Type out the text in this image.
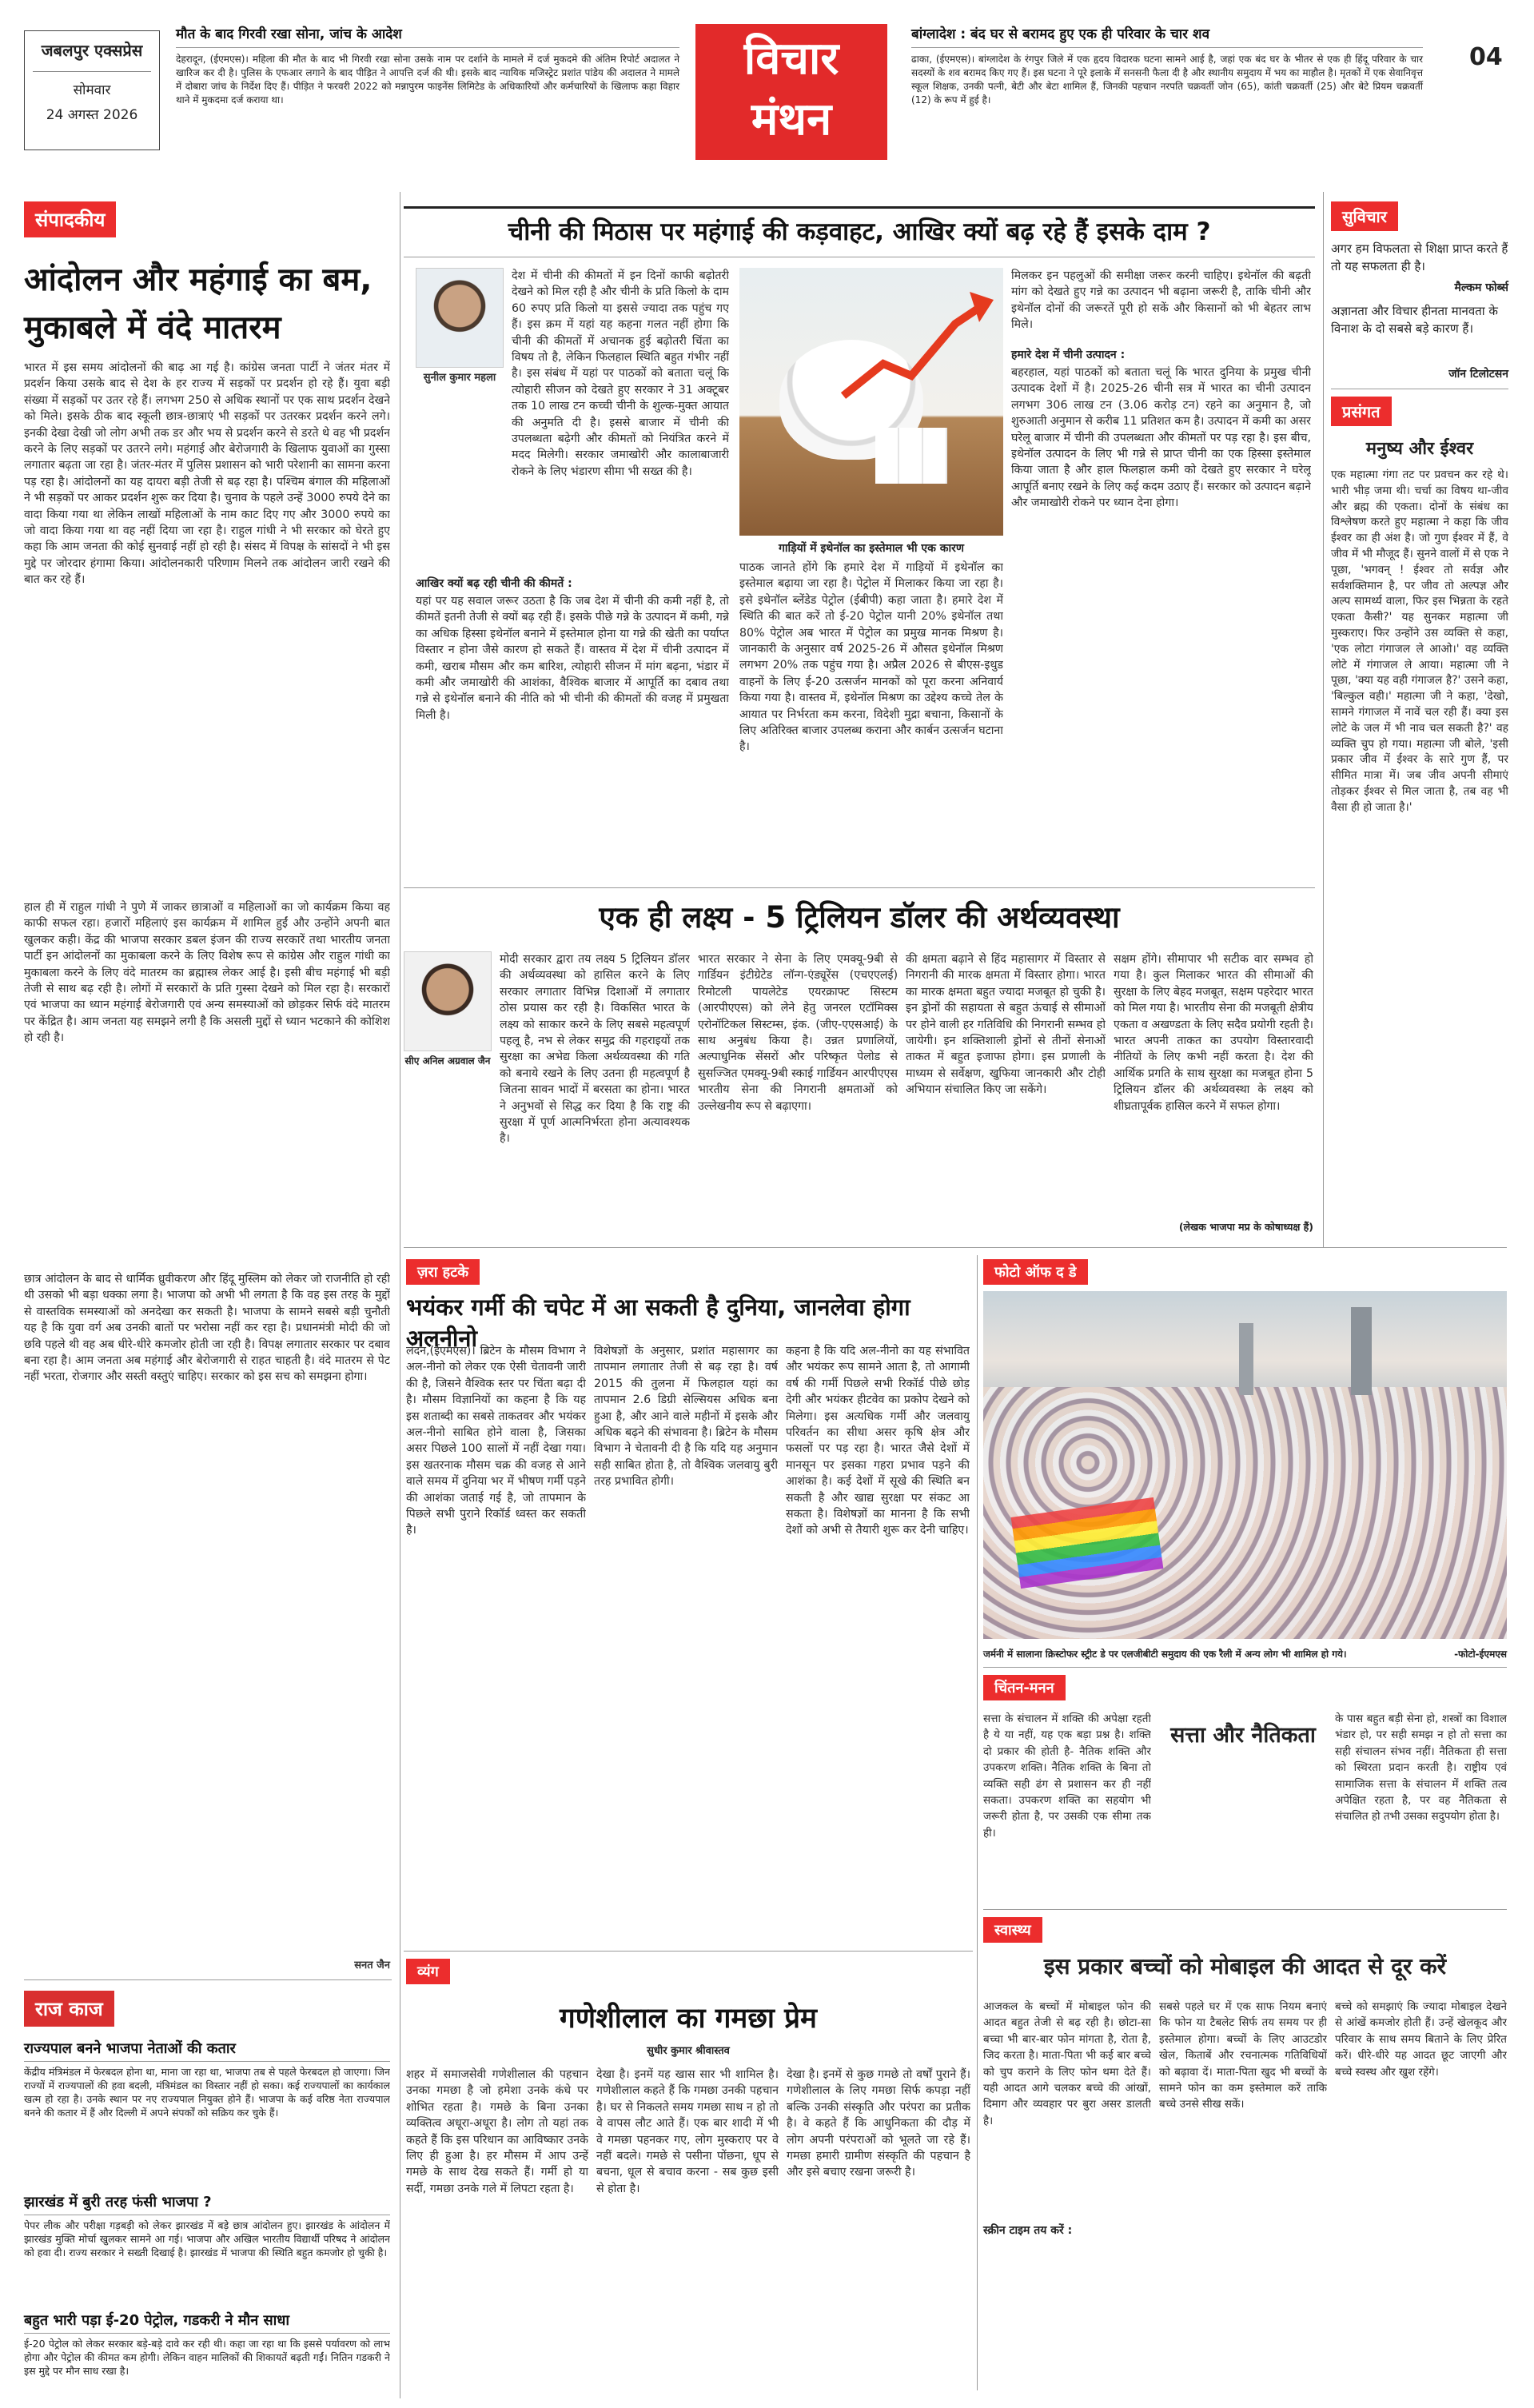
जबलपुर एक्सप्रेस
सोमवार
24 अगस्त 2026
मौत के बाद गिरवी रखा सोना, जांच के आदेश
देहरादून, (ईएमएस)। महिला की मौत के बाद भी गिरवी रखा सोना उसके नाम पर दर्शाने के मामले में दर्ज मुकदमे की अंतिम रिपोर्ट अदालत ने खारिज कर दी है। पुलिस के एफआर लगाने के बाद पीड़ित ने आपत्ति दर्ज की थी। इसके बाद न्यायिक मजिस्ट्रेट प्रशांत पांडेय की अदालत ने मामले में दोबारा जांच के निर्देश दिए हैं। पीड़ित ने फरवरी 2022 को मन्नापुरम फाइनेंस लिमिटेड के अधिकारियों और कर्मचारियों के खिलाफ कहा विहार थाने में मुकदमा दर्ज कराया था।
विचार
मंथन
बांग्लादेश : बंद घर से बरामद हुए एक ही परिवार के चार शव
ढाका, (ईएमएस)। बांग्लादेश के रंगपुर जिले में एक हृदय विदारक घटना सामने आई है, जहां एक बंद घर के भीतर से एक ही हिंदू परिवार के चार सदस्यों के शव बरामद किए गए हैं। इस घटना ने पूरे इलाके में सनसनी फैला दी है और स्थानीय समुदाय में भय का माहौल है। मृतकों में एक सेवानिवृत्त स्कूल शिक्षक, उनकी पत्नी, बेटी और बेटा शामिल हैं, जिनकी पहचान नरपति चक्रवर्ती जोन (65), कांती चक्रवर्ती (25) और बेटे प्रियम चक्रवर्ती (12) के रूप में हुई है।
04
संपादकीय
आंदोलन और महंगाई का बम, मुकाबले में वंदे मातरम
भारत में इस समय आंदोलनों की बाढ़ आ गई है। कांग्रेस जनता पार्टी ने जंतर मंतर में प्रदर्शन किया उसके बाद से देश के हर राज्य में सड़कों पर प्रदर्शन हो रहे हैं। युवा बड़ी संख्या में सड़कों पर उतर रहे हैं। लगभग 250 से अधिक स्थानों पर एक साथ प्रदर्शन देखने को मिले। इसके ठीक बाद स्कूली छात्र-छात्राएं भी सड़कों पर उतरकर प्रदर्शन करने लगे। इनकी देखा देखी जो लोग अभी तक डर और भय से प्रदर्शन करने से डरते थे वह भी प्रदर्शन करने के लिए सड़कों पर उतरने लगे। महंगाई और बेरोजगारी के खिलाफ युवाओं का गुस्सा लगातार बढ़ता जा रहा है। जंतर-मंतर में पुलिस प्रशासन को भारी परेशानी का सामना करना पड़ रहा है। आंदोलनों का यह दायरा बड़ी तेजी से बढ़ रहा है। पश्चिम बंगाल की महिलाओं ने भी सड़कों पर आकर प्रदर्शन शुरू कर दिया है। चुनाव के पहले उन्हें 3000 रुपये देने का वादा किया गया था लेकिन लाखों महिलाओं के नाम काट दिए गए और 3000 रुपये का जो वादा किया गया था वह नहीं दिया जा रहा है। राहुल गांधी ने भी सरकार को घेरते हुए कहा कि आम जनता की कोई सुनवाई नहीं हो रही है। संसद में विपक्ष के सांसदों ने भी इस मुद्दे पर जोरदार हंगामा किया। आंदोलनकारी परिणाम मिलने तक आंदोलन जारी रखने की बात कर रहे हैं।
हाल ही में राहुल गांधी ने पुणे में जाकर छात्राओं व महिलाओं का जो कार्यक्रम किया वह काफी सफल रहा। हजारों महिलाएं इस कार्यक्रम में शामिल हुईं और उन्होंने अपनी बात खुलकर कही। केंद्र की भाजपा सरकार डबल इंजन की राज्य सरकारें तथा भारतीय जनता पार्टी इन आंदोलनों का मुकाबला करने के लिए विशेष रूप से कांग्रेस और राहुल गांधी का मुकाबला करने के लिए वंदे मातरम का ब्रह्मास्त्र लेकर आई है। इसी बीच महंगाई भी बड़ी तेजी से साथ बढ़ रही है। लोगों में सरकारों के प्रति गुस्सा देखने को मिल रहा है। सरकारों एवं भाजपा का ध्यान महंगाई बेरोजगारी एवं अन्य समस्याओं को छोड़कर सिर्फ वंदे मातरम पर केंद्रित है। आम जनता यह समझने लगी है कि असली मुद्दों से ध्यान भटकाने की कोशिश हो रही है।
छात्र आंदोलन के बाद से धार्मिक ध्रुवीकरण और हिंदू मुस्लिम को लेकर जो राजनीति हो रही थी उसको भी बड़ा धक्का लगा है। भाजपा को अभी भी लगता है कि वह इस तरह के मुद्दों से वास्तविक समस्याओं को अनदेखा कर सकती है। भाजपा के सामने सबसे बड़ी चुनौती यह है कि युवा वर्ग अब उनकी बातों पर भरोसा नहीं कर रहा है। प्रधानमंत्री मोदी की जो छवि पहले थी वह अब धीरे-धीरे कमजोर होती जा रही है। विपक्ष लगातार सरकार पर दबाव बना रहा है। आम जनता अब महंगाई और बेरोजगारी से राहत चाहती है। वंदे मातरम से पेट नहीं भरता, रोजगार और सस्ती वस्तुएं चाहिए। सरकार को इस सच को समझना होगा।
सनत जैन
राज काज
राज्यपाल बनने भाजपा नेताओं की कतार
केंद्रीय मंत्रिमंडल में फेरबदल होना था, माना जा रहा था, भाजपा तब से पहले फेरबदल हो जाएगा। जिन राज्यों में राज्यपालों की हवा बदली, मंत्रिमंडल का विस्तार नहीं हो सका। कई राज्यपालों का कार्यकाल खत्म हो रहा है। उनके स्थान पर नए राज्यपाल नियुक्त होने हैं। भाजपा के कई वरिष्ठ नेता राज्यपाल बनने की कतार में हैं और दिल्ली में अपने संपर्कों को सक्रिय कर चुके हैं।
झारखंड में बुरी तरह फंसी भाजपा ?
पेपर लीक और परीक्षा गड़बड़ी को लेकर झारखंड में बड़े छात्र आंदोलन हुए। झारखंड के आंदोलन में झारखंड मुक्ति मोर्चा खुलकर सामने आ गई। भाजपा और अखिल भारतीय विद्यार्थी परिषद ने आंदोलन को हवा दी। राज्य सरकार ने सख्ती दिखाई है। झारखंड में भाजपा की स्थिति बहुत कमजोर हो चुकी है।
बहुत भारी पड़ा ई-20 पेट्रोल, गडकरी ने मौन साधा
ई-20 पेट्रोल को लेकर सरकार बड़े-बड़े दावे कर रही थी। कहा जा रहा था कि इससे पर्यावरण को लाभ होगा और पेट्रोल की कीमत कम होगी। लेकिन वाहन मालिकों की शिकायतें बढ़ती गईं। नितिन गडकरी ने इस मुद्दे पर मौन साध रखा है।
चीनी की मिठास पर महंगाई की कड़वाहट, आखिर क्यों बढ़ रहे हैं इसके दाम ?
सुनील कुमार महला
देश में चीनी की कीमतों में इन दिनों काफी बढ़ोतरी देखने को मिल रही है और चीनी के प्रति किलो के दाम 60 रुपए प्रति किलो या इससे ज्यादा तक पहुंच गए हैं। इस क्रम में यहां यह कहना गलत नहीं होगा कि चीनी की कीमतों में अचानक हुई बढ़ोतरी चिंता का विषय तो है, लेकिन फिलहाल स्थिति बहुत गंभीर नहीं है। इस संबंध में यहां पर पाठकों को बताता चलूं कि त्योहारी सीजन को देखते हुए सरकार ने 31 अक्टूबर तक 10 लाख टन कच्ची चीनी के शुल्क-मुक्त आयात की अनुमति दी है। इससे बाजार में चीनी की उपलब्धता बढ़ेगी और कीमतों को नियंत्रित करने में मदद मिलेगी। सरकार जमाखोरी और कालाबाजारी रोकने के लिए भंडारण सीमा भी सख्त की है।
आखिर क्यों बढ़ रही चीनी की कीमतें :
यहां पर यह सवाल जरूर उठता है कि जब देश में चीनी की कमी नहीं है, तो कीमतें इतनी तेजी से क्यों बढ़ रही हैं। इसके पीछे गन्ने के उत्पादन में कमी, गन्ने का अधिक हिस्सा इथेनॉल बनाने में इस्तेमाल होना या गन्ने की खेती का पर्याप्त विस्तार न होना जैसे कारण हो सकते हैं। वास्तव में देश में चीनी उत्पादन में कमी, खराब मौसम और कम बारिश, त्योहारी सीजन में मांग बढ़ना, भंडार में कमी और जमाखोरी की आशंका, वैश्विक बाजार में आपूर्ति का दबाव तथा गन्ने से इथेनॉल बनाने की नीति को भी चीनी की कीमतों की वजह में प्रमुखता मिली है।
गाड़ियों में इथेनॉल का इस्तेमाल भी एक कारण
पाठक जानते होंगे कि हमारे देश में गाड़ियों में इथेनॉल का इस्तेमाल बढ़ाया जा रहा है। पेट्रोल में मिलाकर किया जा रहा है। इसे इथेनॉल ब्लेंडेड पेट्रोल (ईबीपी) कहा जाता है। हमारे देश में स्थिति की बात करें तो ई-20 पेट्रोल यानी 20% इथेनॉल तथा 80% पेट्रोल अब भारत में पेट्रोल का प्रमुख मानक मिश्रण है। जानकारी के अनुसार वर्ष 2025-26 में औसत इथेनॉल मिश्रण लगभग 20% तक पहुंच गया है। अप्रैल 2026 से बीएस-इथुड वाहनों के लिए ई-20 उत्सर्जन मानकों को पूरा करना अनिवार्य किया गया है। वास्तव में, इथेनॉल मिश्रण का उद्देश्य कच्चे तेल के आयात पर निर्भरता कम करना, विदेशी मुद्रा बचाना, किसानों के लिए अतिरिक्त बाजार उपलब्ध कराना और कार्बन उत्सर्जन घटाना है।
मिलकर इन पहलुओं की समीक्षा जरूर करनी चाहिए। इथेनॉल की बढ़ती मांग को देखते हुए गन्ने का उत्पादन भी बढ़ाना जरूरी है, ताकि चीनी और इथेनॉल दोनों की जरूरतें पूरी हो सकें और किसानों को भी बेहतर लाभ मिले।
हमारे देश में चीनी उत्पादन :
बहरहाल, यहां पाठकों को बताता चलूं कि भारत दुनिया के प्रमुख चीनी उत्पादक देशों में है। 2025-26 चीनी सत्र में भारत का चीनी उत्पादन लगभग 306 लाख टन (3.06 करोड़ टन) रहने का अनुमान है, जो शुरुआती अनुमान से करीब 11 प्रतिशत कम है। उत्पादन में कमी का असर घरेलू बाजार में चीनी की उपलब्धता और कीमतों पर पड़ रहा है। इस बीच, इथेनॉल उत्पादन के लिए भी गन्ने से प्राप्त चीनी का एक हिस्सा इस्तेमाल किया जाता है और हाल फिलहाल कमी को देखते हुए सरकार ने घरेलू आपूर्ति बनाए रखने के लिए कई कदम उठाए हैं। सरकार को उत्पादन बढ़ाने और जमाखोरी रोकने पर ध्यान देना होगा।
एक ही लक्ष्य - 5 ट्रिलियन डॉलर की अर्थव्यवस्था
सीए अनिल अग्रवाल जैन
मोदी सरकार द्वारा तय लक्ष्य 5 ट्रिलियन डॉलर की अर्थव्यवस्था को हासिल करने के लिए सरकार लगातार विभिन्न दिशाओं में लगातार ठोस प्रयास कर रही है। विकसित भारत के लक्ष्य को साकार करने के लिए सबसे महत्वपूर्ण पहलू है, नभ से लेकर समुद्र की गहराइयों तक सुरक्षा का अभेद्य किला अर्थव्यवस्था की गति को बनाये रखने के लिए उतना ही महत्वपूर्ण है जितना सावन भादों में बरसता का होना। भारत ने अनुभवों से सिद्ध कर दिया है कि राष्ट्र की सुरक्षा में पूर्ण आत्मनिर्भरता होना अत्यावश्यक है।
भारत सरकार ने सेना के लिए एमक्यू-9बी से गार्डियन इंटीग्रेटेड लॉन्ग-एंड्यूरेंस (एचएएलई) रिमोटली पायलेटेड एयरक्राफ्ट सिस्टम (आरपीएएस) को लेने हेतु जनरल एटॉमिक्स एरोनॉटिकल सिस्टम्स, इंक. (जीए-एएसआई) के साथ अनुबंध किया है। उन्नत प्रणालियों, अल्पाधुनिक सेंसरों और परिष्कृत पेलोड से सुसज्जित एमक्यू-9बी स्काई गार्डियन आरपीएएस भारतीय सेना की निगरानी क्षमताओं को उल्लेखनीय रूप से बढ़ाएगा।
की क्षमता बढ़ाने से हिंद महासागर में विस्तार से निगरानी की मारक क्षमता में विस्तार होगा। भारत का मारक क्षमता बहुत ज्यादा मजबूत हो चुकी है। इन ड्रोनों की सहायता से बहुत ऊंचाई से सीमाओं पर होने वाली हर गतिविधि की निगरानी सम्भव हो जायेगी। इन शक्तिशाली ड्रोनों से तीनों सेनाओं ताकत में बहुत इजाफा होगा। इस प्रणाली के माध्यम से सर्वेक्षण, खुफिया जानकारी और टोही अभियान संचालित किए जा सकेंगे।
सक्षम होंगे। सीमापार भी सटीक वार सम्भव हो गया है। कुल मिलाकर भारत की सीमाओं की सुरक्षा के लिए बेहद मजबूत, सक्षम पहरेदार भारत को मिल गया है। भारतीय सेना की मजबूती क्षेत्रीय एकता व अखण्डता के लिए सदैव प्रयोगी रहती है। भारत अपनी ताकत का उपयोग विस्तारवादी नीतियों के लिए कभी नहीं करता है। देश की आर्थिक प्रगति के साथ सुरक्षा का मजबूत होना 5 ट्रिलियन डॉलर की अर्थव्यवस्था के लक्ष्य को शीघ्रतापूर्वक हासिल करने में सफल होगा।
(लेखक भाजपा मप्र के कोषाध्यक्ष हैं)
ज़रा हटके
भयंकर गर्मी की चपेट में आ सकती है दुनिया, जानलेवा होगा अलनीनो
लंदन,(ईएमएस)। ब्रिटेन के मौसम विभाग ने अल-नीनो को लेकर एक ऐसी चेतावनी जारी की है, जिसने वैश्विक स्तर पर चिंता बढ़ा दी है। मौसम विज्ञानियों का कहना है कि यह इस शताब्दी का सबसे ताकतवर और भयंकर अल-नीनो साबित होने वाला है, जिसका असर पिछले 100 सालों में नहीं देखा गया। इस खतरनाक मौसम चक्र की वजह से आने वाले समय में दुनिया भर में भीषण गर्मी पड़ने की आशंका जताई गई है, जो तापमान के पिछले सभी पुराने रिकॉर्ड ध्वस्त कर सकती है।
विशेषज्ञों के अनुसार, प्रशांत महासागर का तापमान लगातार तेजी से बढ़ रहा है। वर्ष 2015 की तुलना में फिलहाल यहां का तापमान 2.6 डिग्री सेल्सियस अधिक बना हुआ है, और आने वाले महीनों में इसके और अधिक बढ़ने की संभावना है। ब्रिटेन के मौसम विभाग ने चेतावनी दी है कि यदि यह अनुमान सही साबित होता है, तो वैश्विक जलवायु बुरी तरह प्रभावित होगी।
कहना है कि यदि अल-नीनो का यह संभावित और भयंकर रूप सामने आता है, तो आगामी वर्ष की गर्मी पिछले सभी रिकॉर्ड पीछे छोड़ देगी और भयंकर हीटवेव का प्रकोप देखने को मिलेगा। इस अत्यधिक गर्मी और जलवायु परिवर्तन का सीधा असर कृषि क्षेत्र और फसलों पर पड़ रहा है। भारत जैसे देशों में मानसून पर इसका गहरा प्रभाव पड़ने की आशंका है। कई देशों में सूखे की स्थिति बन सकती है और खाद्य सुरक्षा पर संकट आ सकता है। विशेषज्ञों का मानना है कि सभी देशों को अभी से तैयारी शुरू कर देनी चाहिए।
फोटो ऑफ द डे
जर्मनी में सालाना क्रिस्टोफर स्ट्रीट डे पर एलजीबीटी समुदाय की एक रैली में अन्य लोग भी शामिल हो गये।	-फोटो-ईएमएस
चिंतन-मनन
सत्ता के संचालन में शक्ति की अपेक्षा रहती है ये या नहीं, यह एक बड़ा प्रश्न है। शक्ति दो प्रकार की होती है- नैतिक शक्ति और उपकरण शक्ति। नैतिक शक्ति के बिना तो व्यक्ति सही ढंग से प्रशासन कर ही नहीं सकता। उपकरण शक्ति का सहयोग भी जरूरी होता है, पर उसकी एक सीमा तक ही।
सत्ता और नैतिकता
के पास बहुत बड़ी सेना हो, शस्त्रों का विशाल भंडार हो, पर सही समझ न हो तो सत्ता का सही संचालन संभव नहीं। नैतिकता ही सत्ता को स्थिरता प्रदान करती है। राष्ट्रीय एवं सामाजिक सत्ता के संचालन में शक्ति तत्व अपेक्षित रहता है, पर वह नैतिकता से संचालित हो तभी उसका सदुपयोग होता है।
स्वास्थ्य
इस प्रकार बच्चों को मोबाइल की आदत से दूर करें
आजकल के बच्चों में मोबाइल फोन की आदत बहुत तेजी से बढ़ रही है। छोटा-सा बच्चा भी बार-बार फोन मांगता है, रोता है, जिद करता है। माता-पिता भी कई बार बच्चे को चुप कराने के लिए फोन थमा देते हैं। यही आदत आगे चलकर बच्चे की आंखों, दिमाग और व्यवहार पर बुरा असर डालती है।
स्क्रीन टाइम तय करें :
सबसे पहले घर में एक साफ नियम बनाएं कि फोन या टैबलेट सिर्फ तय समय पर ही इस्तेमाल होगा। बच्चों के लिए आउटडोर खेल, किताबें और रचनात्मक गतिविधियों को बढ़ावा दें। माता-पिता खुद भी बच्चों के सामने फोन का कम इस्तेमाल करें ताकि बच्चे उनसे सीख सकें।
बच्चे को समझाएं कि ज्यादा मोबाइल देखने से आंखें कमजोर होती हैं। उन्हें खेलकूद और परिवार के साथ समय बिताने के लिए प्रेरित करें। धीरे-धीरे यह आदत छूट जाएगी और बच्चे स्वस्थ और खुश रहेंगे।
व्यंग
गणेशीलाल का गमछा प्रेम
सुधीर कुमार श्रीवास्तव
शहर में समाजसेवी गणेशीलाल की पहचान उनका गमछा है जो हमेशा उनके कंधे पर शोभित रहता है। गमछे के बिना उनका व्यक्तित्व अधूरा-अधूरा है। लोग तो यहां तक कहते हैं कि इस परिधान का आविष्कार उनके लिए ही हुआ है। हर मौसम में आप उन्हें गमछे के साथ देख सकते हैं। गर्मी हो या सर्दी, गमछा उनके गले में लिपटा रहता है।
देखा है। इनमें यह खास सार भी शामिल है। गणेशीलाल कहते हैं कि गमछा उनकी पहचान है। घर से निकलते समय गमछा साथ न हो तो वे वापस लौट आते हैं। एक बार शादी में भी वे गमछा पहनकर गए, लोग मुस्कराए पर वे नहीं बदले। गमछे से पसीना पोंछना, धूप से बचना, धूल से बचाव करना - सब कुछ इसी से होता है।
देखा है। इनमें से कुछ गमछे तो वर्षों पुराने हैं। गणेशीलाल के लिए गमछा सिर्फ कपड़ा नहीं बल्कि उनकी संस्कृति और परंपरा का प्रतीक है। वे कहते हैं कि आधुनिकता की दौड़ में लोग अपनी परंपराओं को भूलते जा रहे हैं। गमछा हमारी ग्रामीण संस्कृति की पहचान है और इसे बचाए रखना जरूरी है।
सुविचार
अगर हम विफलता से शिक्षा प्राप्त करते हैं तो यह सफलता ही है।
मैल्कम फोर्ब्स
अज्ञानता और विचार हीनता मानवता के विनाश के दो सबसे बड़े कारण हैं।
जॉन टिलोटसन
प्रसंगत
मनुष्य और ईश्वर
एक महात्मा गंगा तट पर प्रवचन कर रहे थे। भारी भीड़ जमा थी। चर्चा का विषय था-जीव और ब्रह्म की एकता। दोनों के संबंध का विश्लेषण करते हुए महात्मा ने कहा कि जीव ईश्वर का ही अंश है। जो गुण ईश्वर में हैं, वे जीव में भी मौजूद हैं। सुनने वालों में से एक ने पूछा, 'भगवन् ! ईश्वर तो सर्वज्ञ और सर्वशक्तिमान है, पर जीव तो अल्पज्ञ और अल्प सामर्थ्य वाला, फिर इस भिन्नता के रहते एकता कैसी?' यह सुनकर महात्मा जी मुस्कराए। फिर उन्होंने उस व्यक्ति से कहा, 'एक लोटा गंगाजल ले आओ।' वह व्यक्ति लोटे में गंगाजल ले आया। महात्मा जी ने पूछा, 'क्या यह वही गंगाजल है?' उसने कहा, 'बिल्कुल वही।' महात्मा जी ने कहा, 'देखो, सामने गंगाजल में नावें चल रही हैं। क्या इस लोटे के जल में भी नाव चल सकती है?' वह व्यक्ति चुप हो गया। महात्मा जी बोले, 'इसी प्रकार जीव में ईश्वर के सारे गुण हैं, पर सीमित मात्रा में। जब जीव अपनी सीमाएं तोड़कर ईश्वर से मिल जाता है, तब वह भी वैसा ही हो जाता है।'
